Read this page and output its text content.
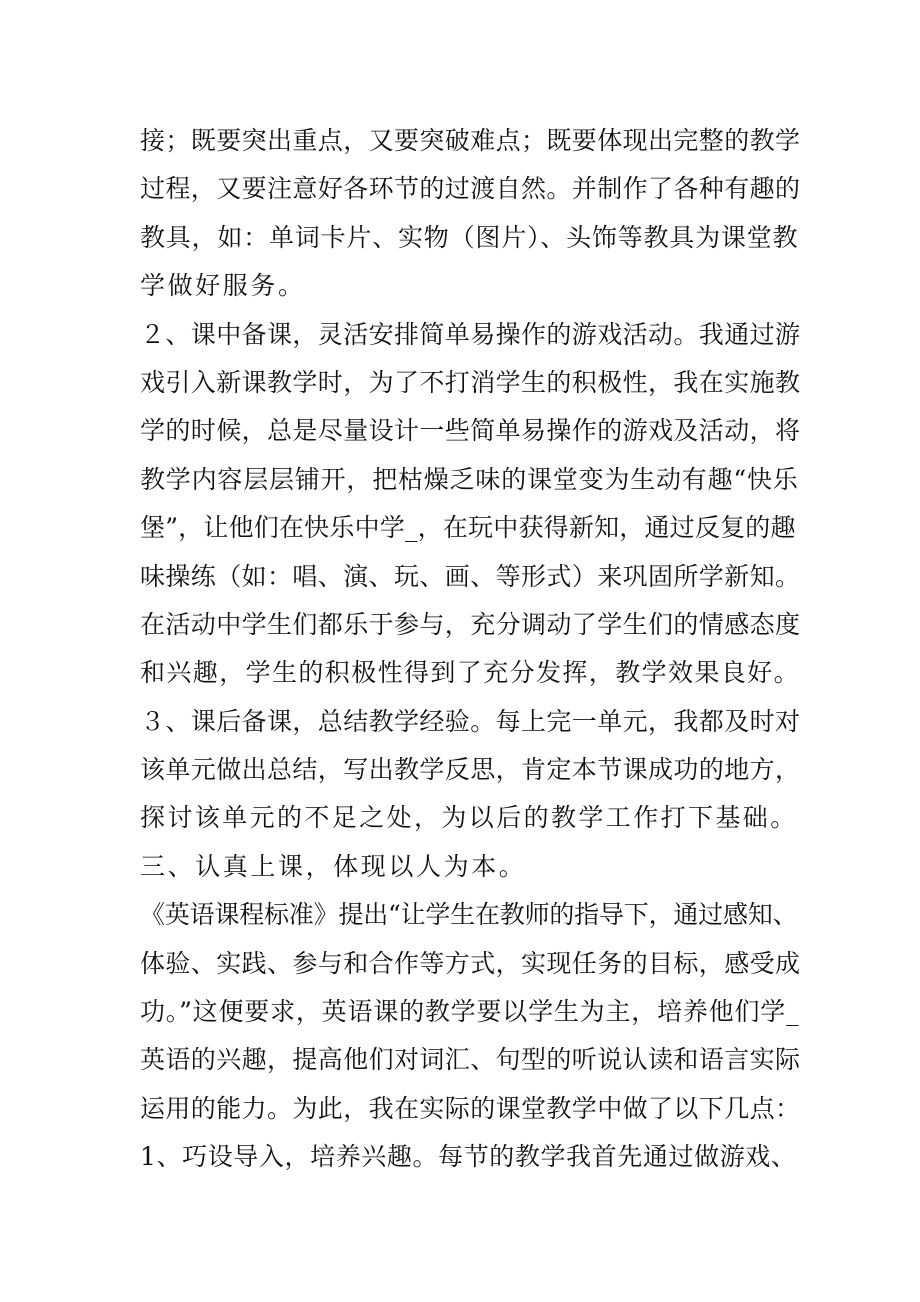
接；既要突出重点，又要突破难点；既要体现出完整的教学
过程，又要注意好各环节的过渡自然。并制作了各种有趣的
教具，如：单词卡片、实物（图片）、头饰等教具为课堂教
学做好服务。
２、课中备课，灵活安排简单易操作的游戏活动。我通过游
戏引入新课教学时，为了不打消学生的积极性，我在实施教
学的时候，总是尽量设计一些简单易操作的游戏及活动，将
教学内容层层铺开，把枯燥乏味的课堂变为生动有趣“快乐
堡”，让他们在快乐中学_，在玩中获得新知，通过反复的趣
味操练（如：唱、演、玩、画、等形式）来巩固所学新知。
在活动中学生们都乐于参与，充分调动了学生们的情感态度
和兴趣，学生的积极性得到了充分发挥，教学效果良好。
３、课后备课，总结教学经验。每上完一单元，我都及时对
该单元做出总结，写出教学反思，肯定本节课成功的地方，
探讨该单元的不足之处，为以后的教学工作打下基础。
三、认真上课，体现以人为本。
《英语课程标准》提出“让学生在教师的指导下，通过感知、
体验、实践、参与和合作等方式，实现任务的目标，感受成
功。”这便要求，英语课的教学要以学生为主，培养他们学_
英语的兴趣，提高他们对词汇、句型的听说认读和语言实际
运用的能力。为此，我在实际的课堂教学中做了以下几点：
1、巧设导入，培养兴趣。每节的教学我首先通过做游戏、
